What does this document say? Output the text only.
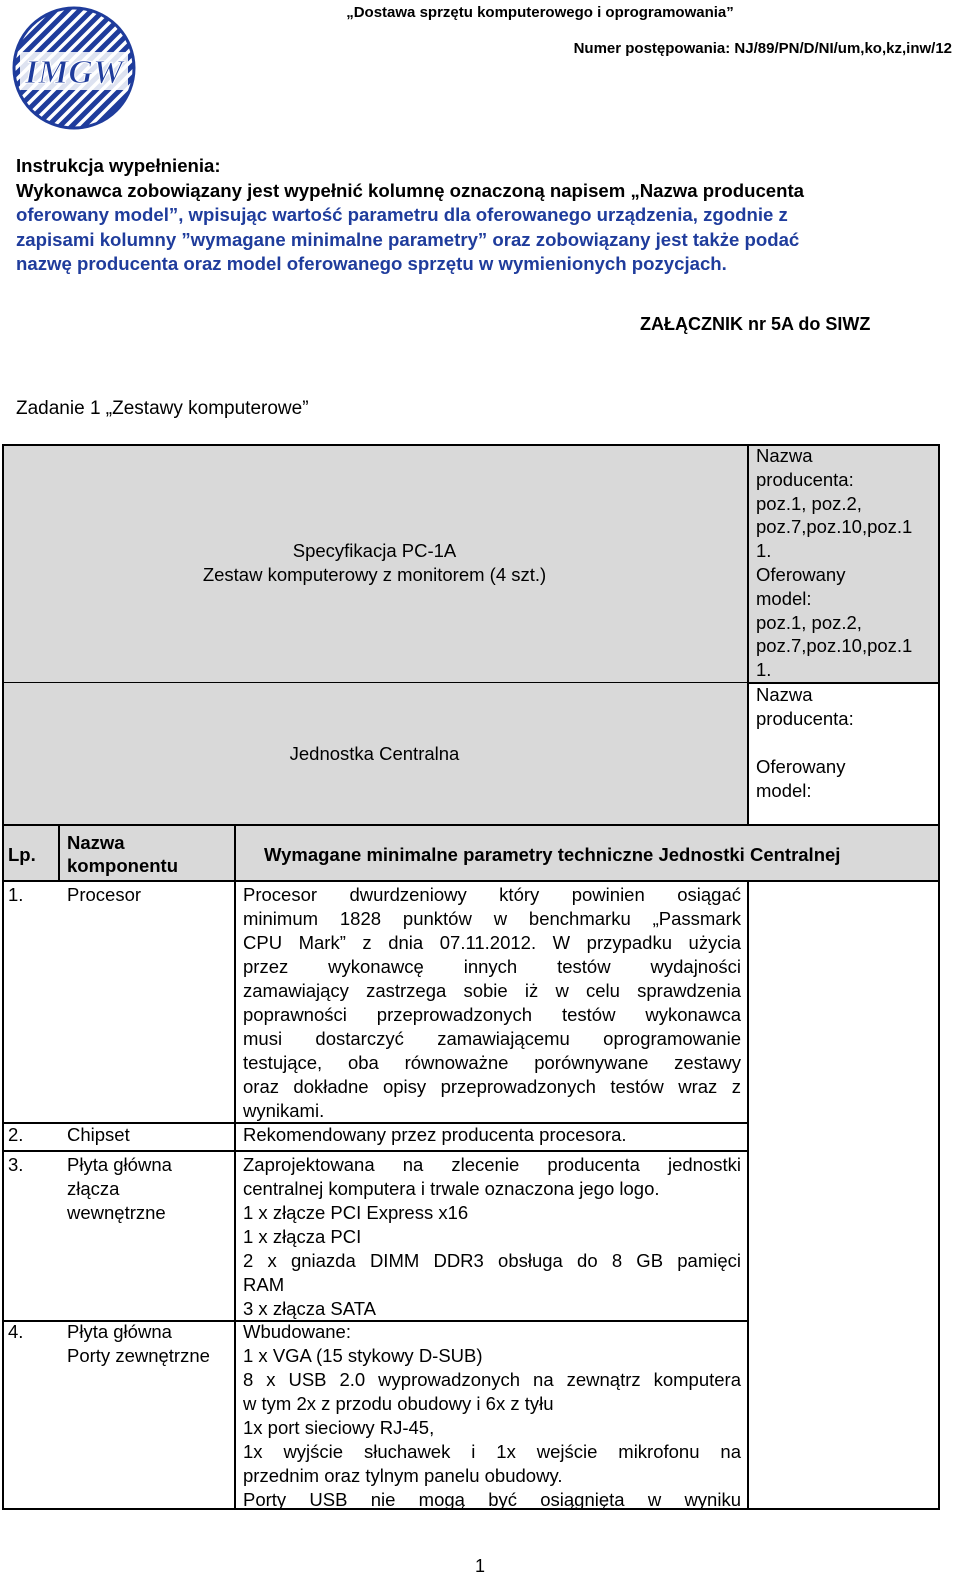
„Dostawa sprzętu komputerowego i oprogramowania”
Numer postępowania: NJ/89/PN/D/NI/um,ko,kz,inw/12
IMGW
Instrukcja wypełnienia:
Wykonawca zobowiązany jest wypełnić kolumnę oznaczoną napisem „Nazwa producenta
oferowany model”, wpisując wartość parametru dla oferowanego urządzenia, zgodnie z
zapisami kolumny ”wymagane minimalne parametry” oraz zobowiązany jest także podać
nazwę producenta oraz model oferowanego sprzętu w wymienionych pozycjach.
ZAŁĄCZNIK nr 5A do SIWZ
Zadanie 1 „Zestawy komputerowe”
Specyfikacja PC-1A
Zestaw komputerowy z monitorem (4 szt.)
Jednostka Centralna
Nazwa
producenta:
poz.1, poz.2,
poz.7,poz.10,poz.1
1.
Oferowany
model:
poz.1, poz.2,
poz.7,poz.10,poz.1
1.
Nazwa
producenta:
Oferowany
model:
Lp.
Nazwa
komponentu
Wymagane minimalne parametry techniczne Jednostki Centralnej
1. Procesor	Procesor dwurdzeniowy który powinien osiągać
minimum 1828 punktów w benchmarku „Passmark
CPU Mark” z dnia 07.11.2012. W przypadku użycia
przez wykonawcę innych testów wydajności
zamawiający zastrzega sobie iż w celu sprawdzenia
poprawności przeprowadzonych testów wykonawca
musi dostarczyć zamawiającemu oprogramowanie
testujące, oba równoważne porównywane zestawy
oraz dokładne opisy przeprowadzonych testów wraz z
wynikami.
2. Chipset	Rekomendowany przez producenta procesora.
3. Płyta główna
złącza
wewnętrzne
Zaprojektowana na zlecenie producenta jednostki
centralnej komputera i trwale oznaczona jego logo.
1 x złącze PCI Express x16
1 x złącza PCI
2 x gniazda DIMM DDR3 obsługa do 8 GB pamięci
RAM
3 x złącza SATA
4. Płyta główna
Porty zewnętrzne
Wbudowane:
1 x VGA (15 stykowy D-SUB)
8 x USB 2.0 wyprowadzonych na zewnątrz komputera
w tym 2x z przodu obudowy i 6x z tyłu
1x port sieciowy RJ-45,
1x wyjście słuchawek i 1x wejście mikrofonu na
przednim oraz tylnym panelu obudowy.
Porty USB nie mogą być osiągnięta w wyniku
1
